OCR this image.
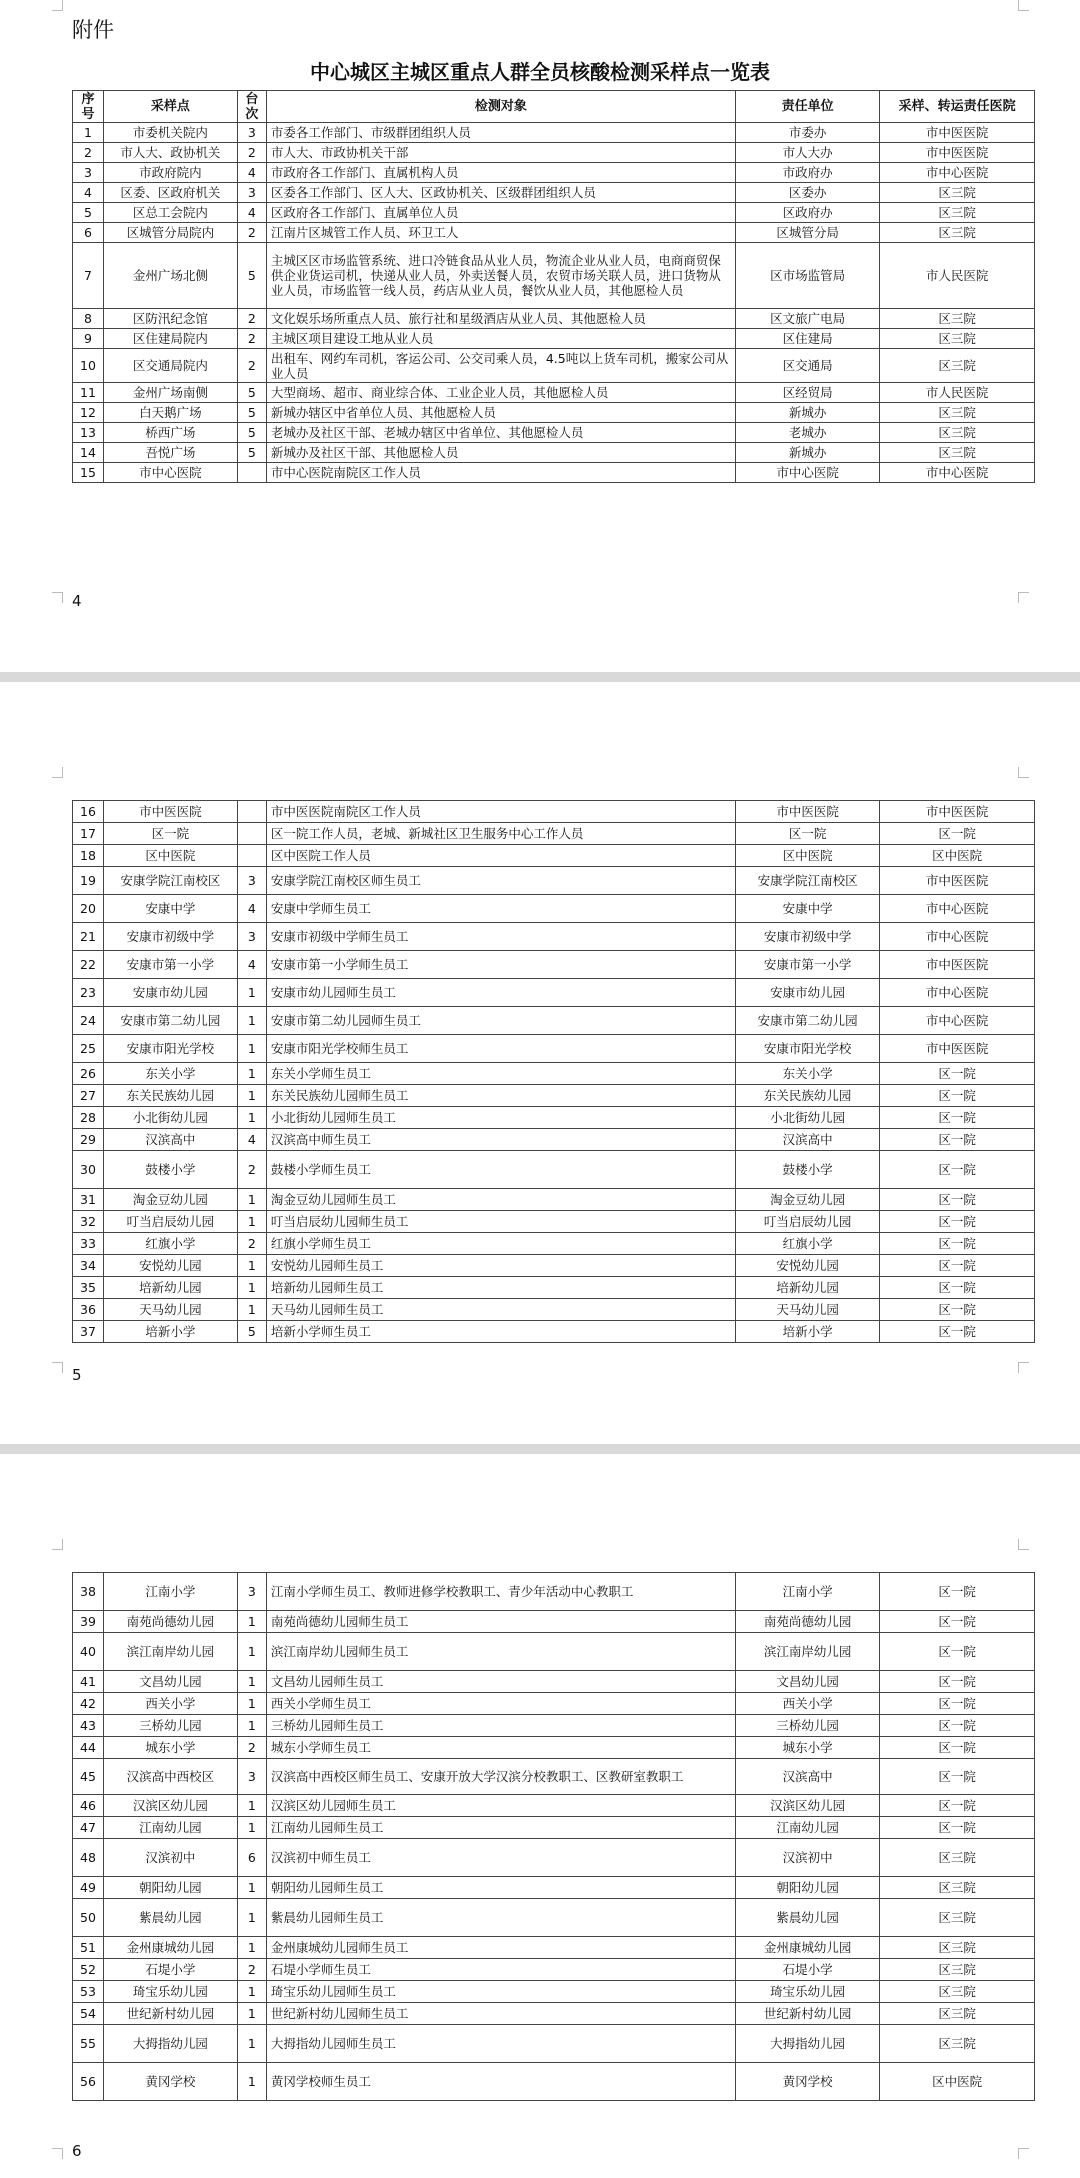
附件
中心城区主城区重点人群全员核酸检测采样点一览表
序号	采样点	台次	检测对象	责任单位	采样、转运责任医院
1	市委机关院内	3	市委各工作部门、市级群团组织人员	市委办	市中医医院
2	市人大、政协机关	2	市人大、市政协机关干部	市人大办	市中医医院
3	市政府院内	4	市政府各工作部门、直属机构人员	市政府办	市中心医院
4	区委、区政府机关	3	区委各工作部门、区人大、区政协机关、区级群团组织人员	区委办	区三院
5	区总工会院内	4	区政府各工作部门、直属单位人员	区政府办	区三院
6	区城管分局院内	2	江南片区城管工作人员、环卫工人	区城管分局	区三院
7	金州广场北侧	5	主城区区市场监管系统、进口冷链食品从业人员，物流企业从业人员，电商商贸保供企业货运司机，快递从业人员，外卖送餐人员，农贸市场关联人员，进口货物从业人员，市场监管一线人员，药店从业人员，餐饮从业人员，其他愿检人员	区市场监管局	市人民医院
8	区防汛纪念馆	2	文化娱乐场所重点人员、旅行社和星级酒店从业人员、其他愿检人员	区文旅广电局	区三院
9	区住建局院内	2	主城区项目建设工地从业人员	区住建局	区三院
10	区交通局院内	2	出租车、网约车司机，客运公司、公交司乘人员，4.5吨以上货车司机，搬家公司从业人员	区交通局	区三院
11	金州广场南侧	5	大型商场、超市、商业综合体、工业企业人员，其他愿检人员	区经贸局	市人民医院
12	白天鹅广场	5	新城办辖区中省单位人员、其他愿检人员	新城办	区三院
13	桥西广场	5	老城办及社区干部、老城办辖区中省单位、其他愿检人员	老城办	区三院
14	吾悦广场	5	新城办及社区干部、其他愿检人员	新城办	区三院
15	市中心医院		市中心医院南院区工作人员	市中心医院	市中心医院
4
16	市中医医院		市中医医院南院区工作人员	市中医医院	市中医医院
17	区一院		区一院工作人员，老城、新城社区卫生服务中心工作人员	区一院	区一院
18	区中医院		区中医院工作人员	区中医院	区中医院
19	安康学院江南校区	3	安康学院江南校区师生员工	安康学院江南校区	市中医医院
20	安康中学	4	安康中学师生员工	安康中学	市中心医院
21	安康市初级中学	3	安康市初级中学师生员工	安康市初级中学	市中心医院
22	安康市第一小学	4	安康市第一小学师生员工	安康市第一小学	市中医医院
23	安康市幼儿园	1	安康市幼儿园师生员工	安康市幼儿园	市中心医院
24	安康市第二幼儿园	1	安康市第二幼儿园师生员工	安康市第二幼儿园	市中心医院
25	安康市阳光学校	1	安康市阳光学校师生员工	安康市阳光学校	市中医医院
26	东关小学	1	东关小学师生员工	东关小学	区一院
27	东关民族幼儿园	1	东关民族幼儿园师生员工	东关民族幼儿园	区一院
28	小北街幼儿园	1	小北街幼儿园师生员工	小北街幼儿园	区一院
29	汉滨高中	4	汉滨高中师生员工	汉滨高中	区一院
30	鼓楼小学	2	鼓楼小学师生员工	鼓楼小学	区一院
31	淘金豆幼儿园	1	淘金豆幼儿园师生员工	淘金豆幼儿园	区一院
32	叮当启辰幼儿园	1	叮当启辰幼儿园师生员工	叮当启辰幼儿园	区一院
33	红旗小学	2	红旗小学师生员工	红旗小学	区一院
34	安悦幼儿园	1	安悦幼儿园师生员工	安悦幼儿园	区一院
35	培新幼儿园	1	培新幼儿园师生员工	培新幼儿园	区一院
36	天马幼儿园	1	天马幼儿园师生员工	天马幼儿园	区一院
37	培新小学	5	培新小学师生员工	培新小学	区一院
5
38	江南小学	3	江南小学师生员工、教师进修学校教职工、青少年活动中心教职工	江南小学	区一院
39	南苑尚德幼儿园	1	南苑尚德幼儿园师生员工	南苑尚德幼儿园	区一院
40	滨江南岸幼儿园	1	滨江南岸幼儿园师生员工	滨江南岸幼儿园	区一院
41	文昌幼儿园	1	文昌幼儿园师生员工	文昌幼儿园	区一院
42	西关小学	1	西关小学师生员工	西关小学	区一院
43	三桥幼儿园	1	三桥幼儿园师生员工	三桥幼儿园	区一院
44	城东小学	2	城东小学师生员工	城东小学	区一院
45	汉滨高中西校区	3	汉滨高中西校区师生员工、安康开放大学汉滨分校教职工、区教研室教职工	汉滨高中	区一院
46	汉滨区幼儿园	1	汉滨区幼儿园师生员工	汉滨区幼儿园	区一院
47	江南幼儿园	1	江南幼儿园师生员工	江南幼儿园	区一院
48	汉滨初中	6	汉滨初中师生员工	汉滨初中	区三院
49	朝阳幼儿园	1	朝阳幼儿园师生员工	朝阳幼儿园	区三院
50	紫晨幼儿园	1	紫晨幼儿园师生员工	紫晨幼儿园	区三院
51	金州康城幼儿园	1	金州康城幼儿园师生员工	金州康城幼儿园	区三院
52	石堤小学	2	石堤小学师生员工	石堤小学	区三院
53	琦宝乐幼儿园	1	琦宝乐幼儿园师生员工	琦宝乐幼儿园	区三院
54	世纪新村幼儿园	1	世纪新村幼儿园师生员工	世纪新村幼儿园	区三院
55	大拇指幼儿园	1	大拇指幼儿园师生员工	大拇指幼儿园	区三院
56	黄冈学校	1	黄冈学校师生员工	黄冈学校	区中医院
6
